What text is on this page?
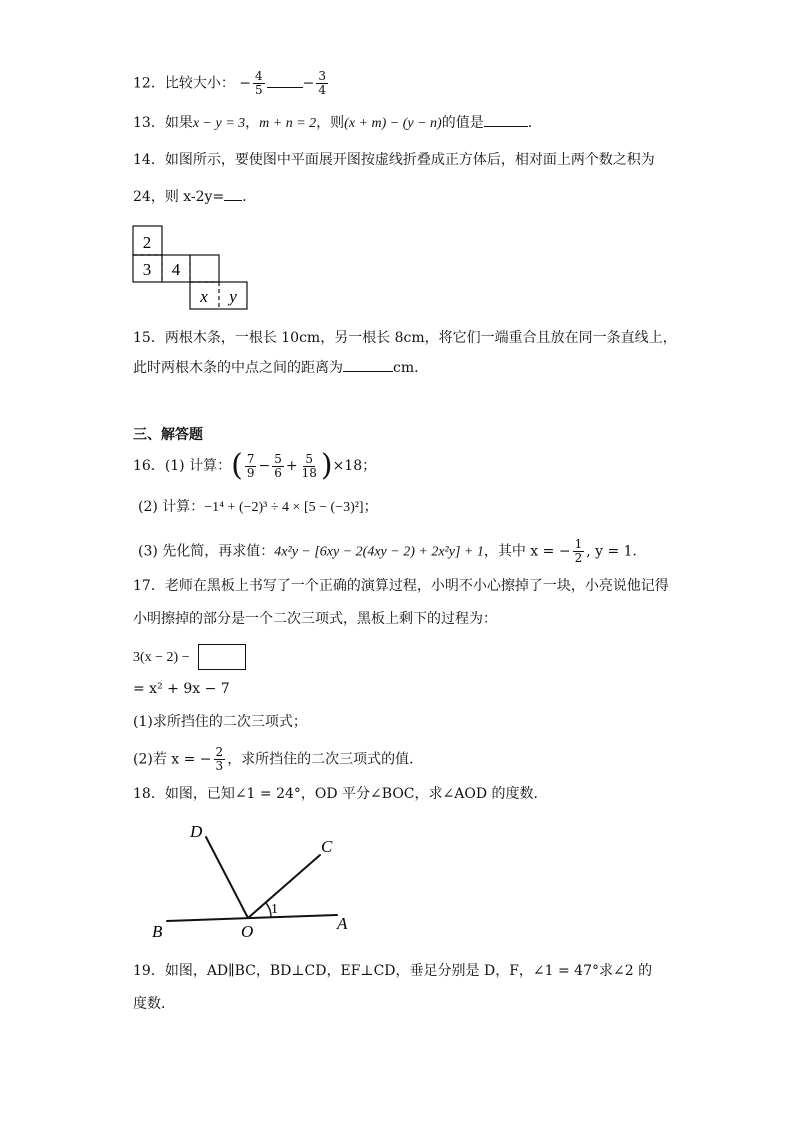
12．比较大小： − $\frac{4}{5}$	− $\frac{3}{4}$
13．如果x − y = 3，m + n = 2，则(x + m) − (y − n)的值是	．
14．如图所示，要使图中平面展开图按虚线折叠成正方体后，相对面上两个数之积为
24，则 x-2y= ．
2
3 4
x y
15．两根木条，一根长 10cm，另一根长 8cm，将它们一端重合且放在同一条直线上，
此时两根木条的中点之间的距离为	cm．
三、解答题
16．(1) 计算：( $\frac{7}{9} - \frac{5}{6} + \frac{5}{18} )\times 18$；
(2) 计算：−1⁴ + (−2)³ ÷ 4 × [5 − (−3)²]；
(3) 先化简，再求值：4x²y − [6xy − 2(4xy − 2) + 2x²y] + 1，其中 x = − $\frac{1}{2}$ , y = 1．
17．老师在黑板上书写了一个正确的演算过程，小明不小心擦掉了一块，小亮说他记得
小明擦掉的部分是一个二次三项式，黑板上剩下的过程为：
3(x − 2) −
= x² + 9x − 7
(1)求所挡住的二次三项式；
(2)若 x = − $\frac{2}{3}$ ，求所挡住的二次三项式的值．
18．如图，已知∠1 = 24°，OD 平分∠BOC，求∠AOD 的度数．
D
C
B	O	A
1
19．如图，AD∥BC，BD⊥CD，EF⊥CD，垂足分别是 D，F，∠1 = 47°求∠2 的
度数．
